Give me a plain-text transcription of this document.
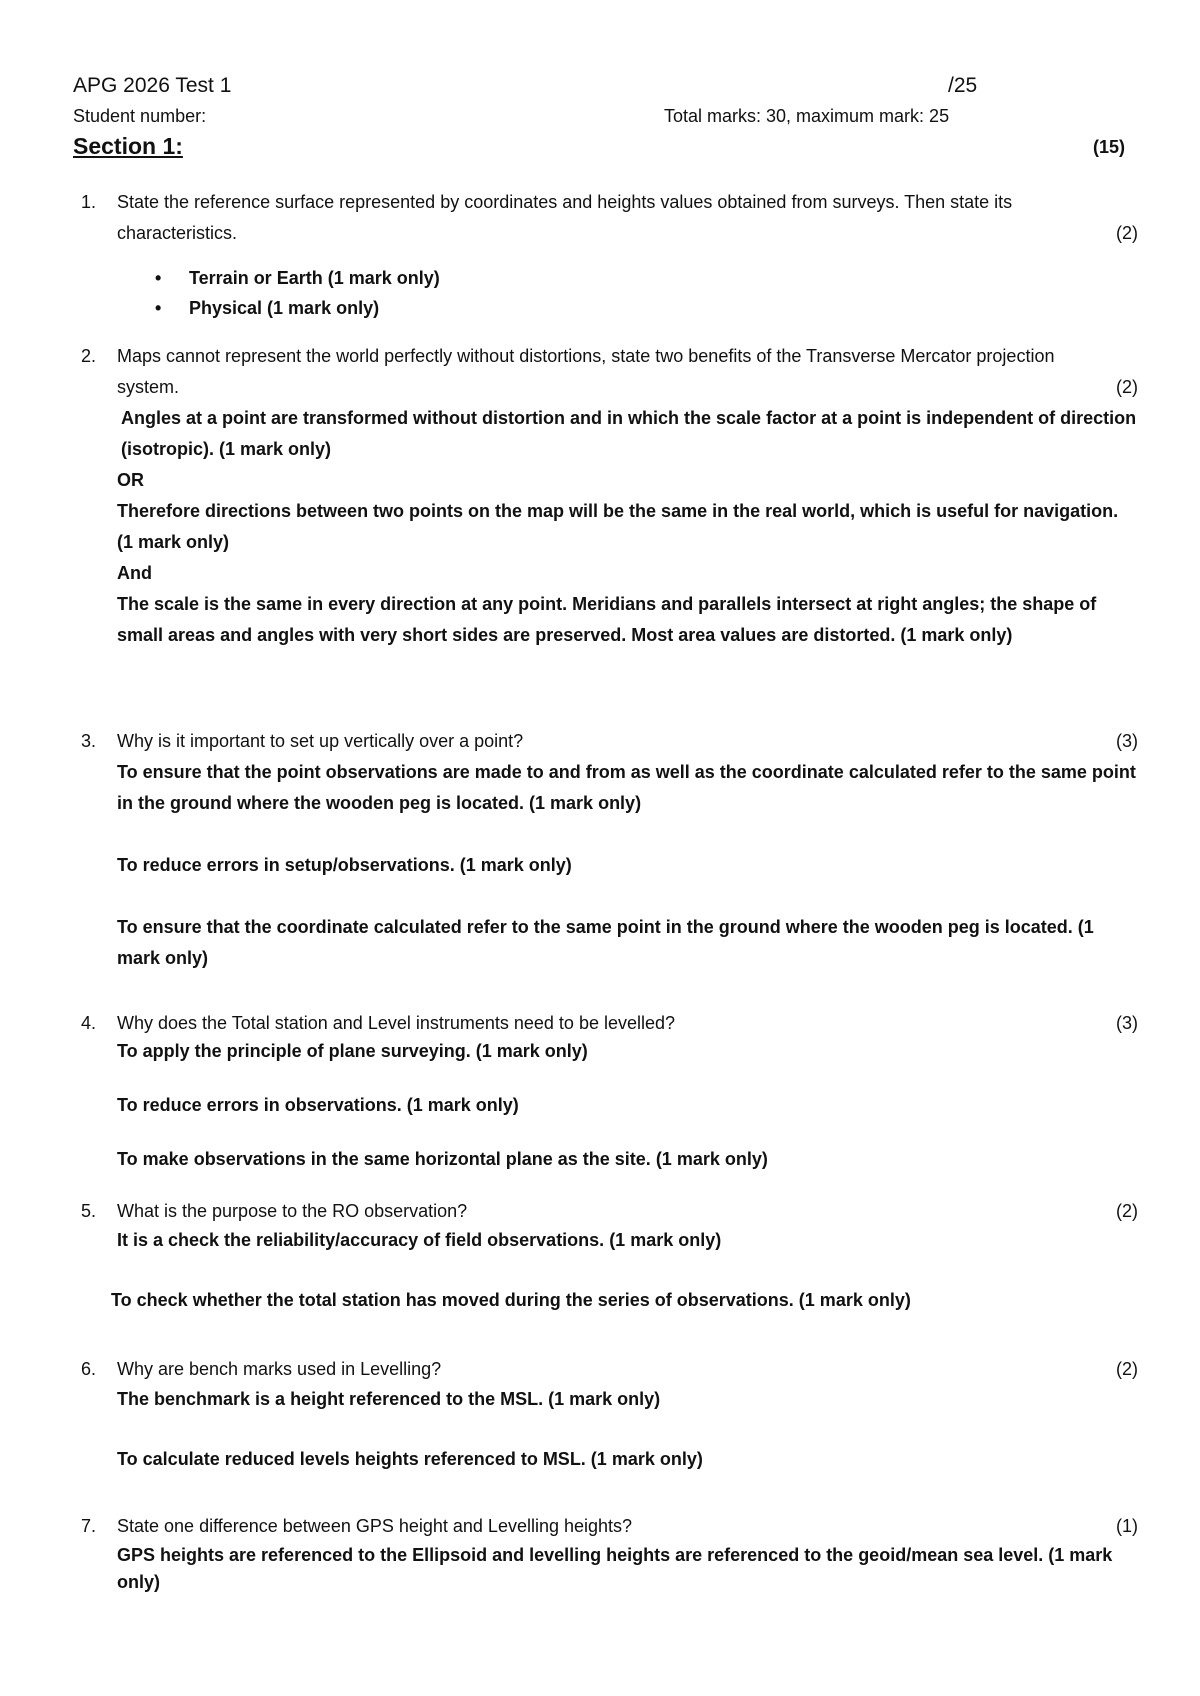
APG 2026 Test 1	/25
Student number:	Total marks: 30, maximum mark: 25
Section 1:	(15)
1. State the reference surface represented by coordinates and heights values obtained from surveys. Then state its characteristics.	(2)
• Terrain or Earth (1 mark only)
• Physical (1 mark only)
2. Maps cannot represent the world perfectly without distortions, state two benefits of the Transverse Mercator projection system.	(2)
Angles at a point are transformed without distortion and in which the scale factor at a point is independent of direction (isotropic). (1 mark only)
OR
Therefore directions between two points on the map will be the same in the real world, which is useful for navigation. (1 mark only)
And
The scale is the same in every direction at any point. Meridians and parallels intersect at right angles; the shape of small areas and angles with very short sides are preserved. Most area values are distorted. (1 mark only)
3. Why is it important to set up vertically over a point?	(3)
To ensure that the point observations are made to and from as well as the coordinate calculated refer to the same point in the ground where the wooden peg is located. (1 mark only)
To reduce errors in setup/observations. (1 mark only)
To ensure that the coordinate calculated refer to the same point in the ground where the wooden peg is located. (1 mark only)
4. Why does the Total station and Level instruments need to be levelled?	(3)
To apply the principle of plane surveying. (1 mark only)
To reduce errors in observations. (1 mark only)
To make observations in the same horizontal plane as the site. (1 mark only)
5. What is the purpose to the RO observation?	(2)
It is a check the reliability/accuracy of field observations. (1 mark only)
To check whether the total station has moved during the series of observations. (1 mark only)
6. Why are bench marks used in Levelling?	(2)
The benchmark is a height referenced to the MSL. (1 mark only)
To calculate reduced levels heights referenced to MSL. (1 mark only)
7. State one difference between GPS height and Levelling heights?	(1)
GPS heights are referenced to the Ellipsoid and levelling heights are referenced to the geoid/mean sea level. (1 mark only)
